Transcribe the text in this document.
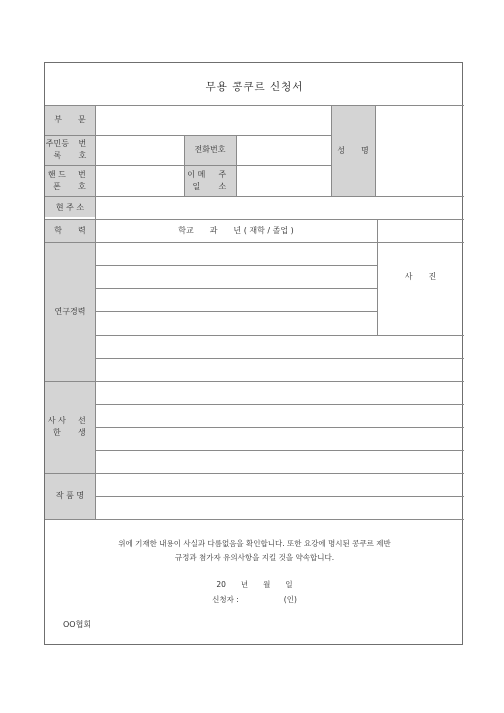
무용 콩쿠르 신청서
부　　문
주민등록
번　　호
핸 드 폰
번　　호
전화번호
이 메 일
주　　소
성　　명
현 주 소
학　　력	학교　　과　　년 ( 재학 / 졸업 )
사　　진
연구경력
사 사 한
선　　생
작 품 명
위에 기재한 내용이 사실과 다름없음을 확인합니다. 또한 요강에 명시된 콩쿠르 제반
규정과 첨가자 유의사항을 지킬 것을 약속합니다.
20　　년　　월　　일
신청자 :　　　　　　(인)
OO협회
